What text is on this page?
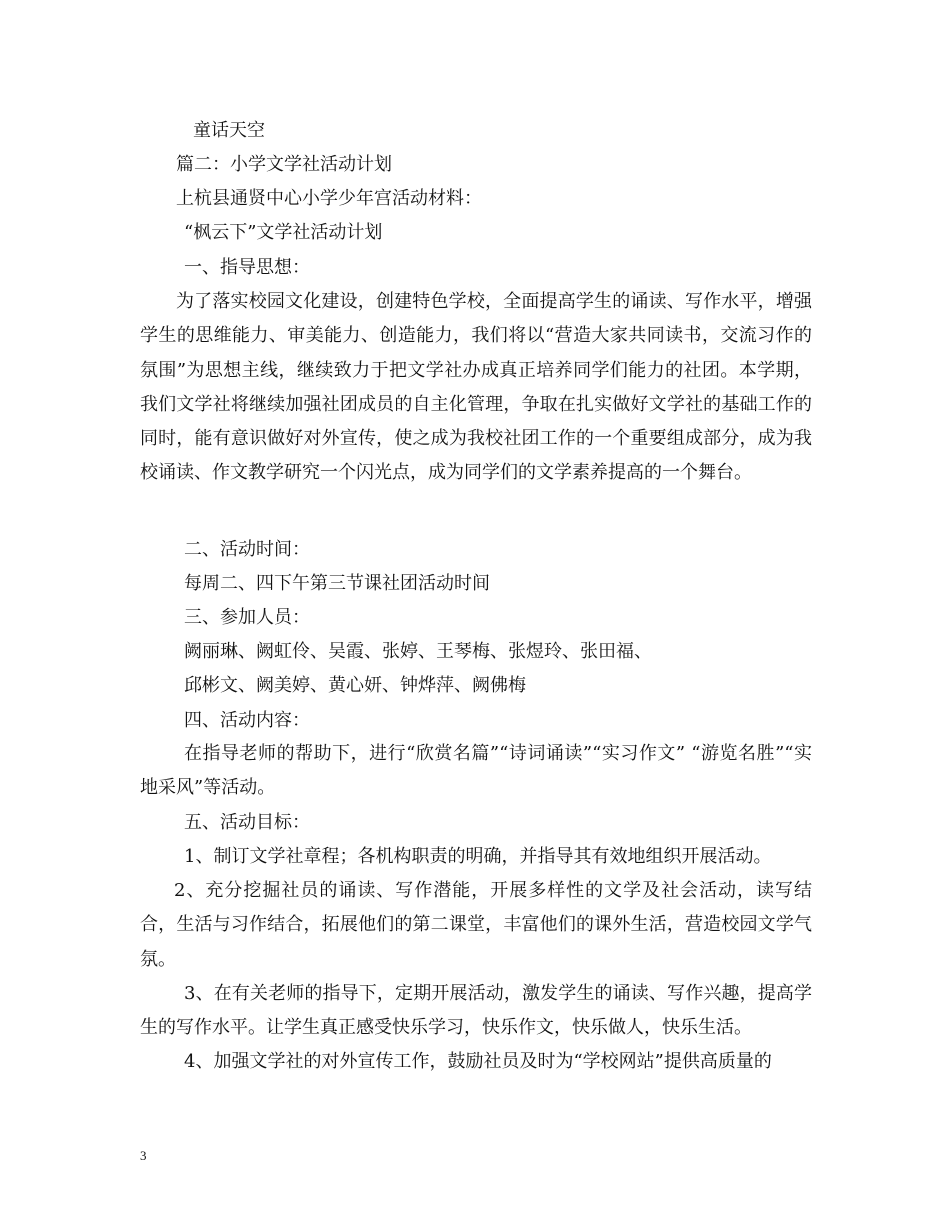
童话天空
篇二：小学文学社活动计划
上杭县通贤中心小学少年宫活动材料：
“枫云下”文学社活动计划
一、指导思想：
为了落实校园文化建设，创建特色学校，全面提高学生的诵读、写作水平，增强学生的思维能力、审美能力、创造能力，我们将以“营造大家共同读书，交流习作的氛围”为思想主线，继续致力于把文学社办成真正培养同学们能力的社团。本学期，我们文学社将继续加强社团成员的自主化管理，争取在扎实做好文学社的基础工作的同时，能有意识做好对外宣传，使之成为我校社团工作的一个重要组成部分，成为我校诵读、作文教学研究一个闪光点，成为同学们的文学素养提高的一个舞台。
二、活动时间：
每周二、四下午第三节课社团活动时间
三、参加人员：
阙丽琳、阙虹伶、吴霞、张婷、王琴梅、张煜玲、张田福、
邱彬文、阙美婷、黄心妍、钟烨萍、阙佛梅
四、活动内容：
在指导老师的帮助下，进行“欣赏名篇”“诗词诵读”“实习作文” “游览名胜”“实地采风”等活动。
五、活动目标：
1、制订文学社章程；各机构职责的明确，并指导其有效地组织开展活动。
2、充分挖掘社员的诵读、写作潜能，开展多样性的文学及社会活动，读写结合，生活与习作结合，拓展他们的第二课堂，丰富他们的课外生活，营造校园文学气氛。
3、在有关老师的指导下，定期开展活动，激发学生的诵读、写作兴趣，提高学生的写作水平。让学生真正感受快乐学习，快乐作文，快乐做人，快乐生活。
4、加强文学社的对外宣传工作，鼓励社员及时为“学校网站”提供高质量的
3
